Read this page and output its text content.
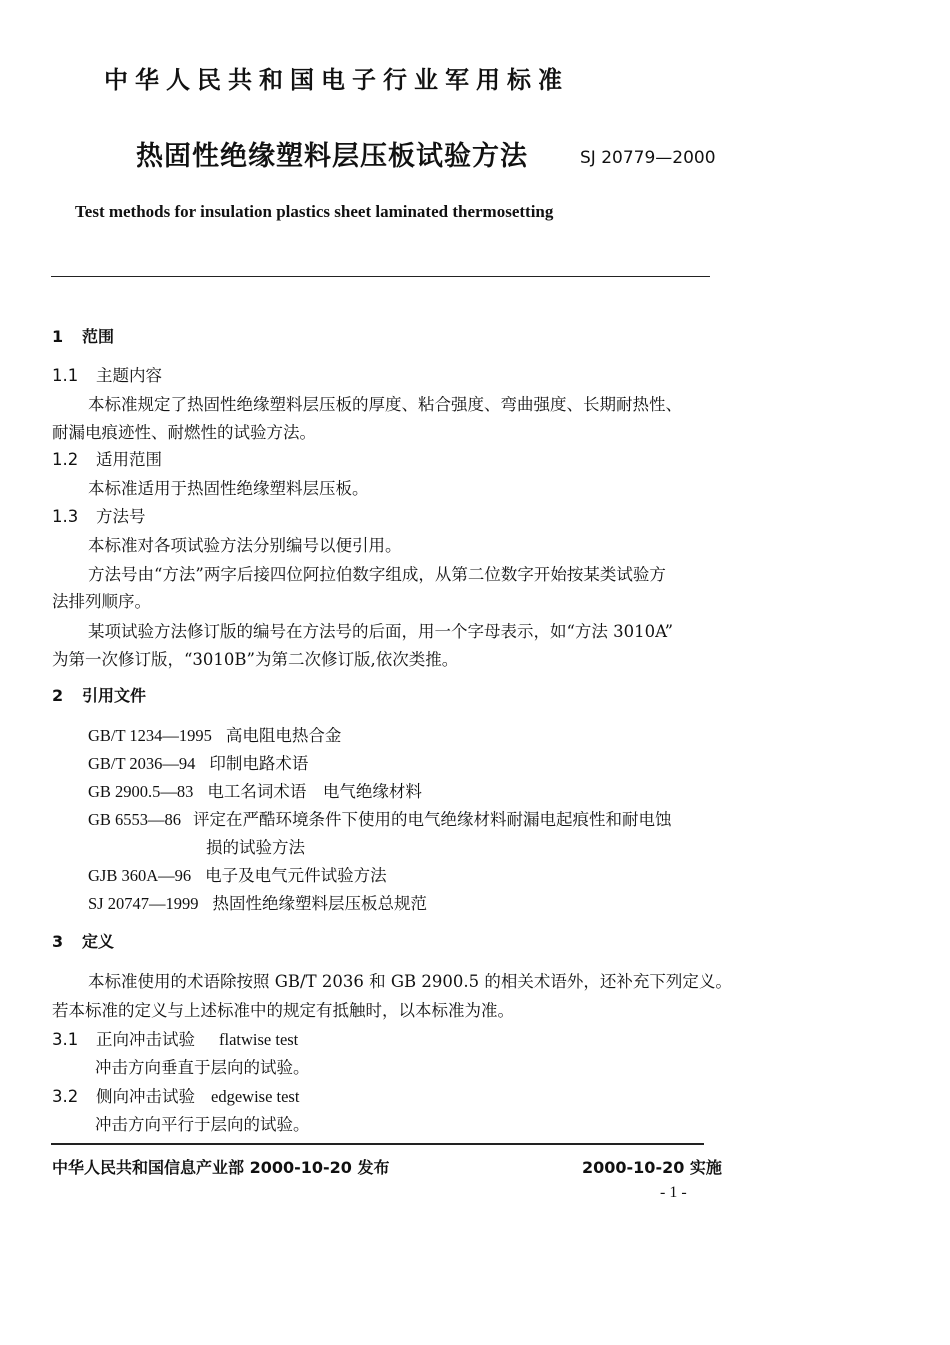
中华人民共和国电子行业军用标准
热固性绝缘塑料层压板试验方法	SJ 20779—2000
Test methods for insulation plastics sheet laminated thermosetting
1 范围
1.1 主题内容
本标准规定了热固性绝缘塑料层压板的厚度、粘合强度、弯曲强度、长期耐热性、
耐漏电痕迹性、耐燃性的试验方法。
1.2 适用范围
本标准适用于热固性绝缘塑料层压板。
1.3 方法号
本标准对各项试验方法分别编号以便引用。
方法号由“方法”两字后接四位阿拉伯数字组成，从第二位数字开始按某类试验方
法排列顺序。
某项试验方法修订版的编号在方法号的后面，用一个字母表示，如“方法 3010A”
为第一次修订版，“3010B”为第二次修订版,依次类推。
2 引用文件
GB/T 1234—1995 高电阻电热合金
GB/T 2036—94 印制电路术语
GB 2900.5—83 电工名词术语　电气绝缘材料
GB 6553—86 评定在严酷环境条件下使用的电气绝缘材料耐漏电起痕性和耐电蚀
损的试验方法
GJB 360A—96 电子及电气元件试验方法
SJ 20747—1999 热固性绝缘塑料层压板总规范
3 定义
本标准使用的术语除按照 GB/T 2036 和 GB 2900.5 的相关术语外，还补充下列定义。
若本标准的定义与上述标准中的规定有抵触时，以本标准为准。
3.1 正向冲击试验 flatwise test
冲击方向垂直于层向的试验。
3.2 侧向冲击试验 edgewise test
冲击方向平行于层向的试验。
中华人民共和国信息产业部 2000-10-20 发布	2000-10-20 实施
- 1 -
